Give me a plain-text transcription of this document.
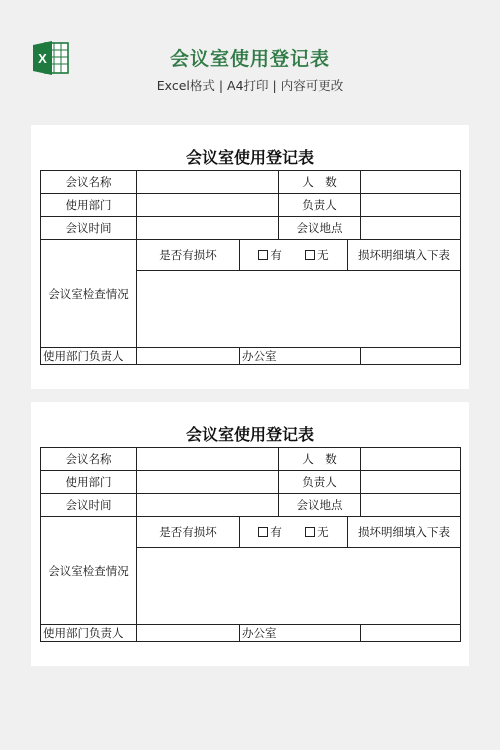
X	会议室使用登记表
Excel格式 | A4打印 | 内容可更改
会议室使用登记表
会议名称			人　数		
使用部门			负责人		
会议时间			会议地点		
会议室检查情况	是否有损坏	有 无		损坏明细填入下表	

使用部门负责人		办公室			
会议室使用登记表
会议名称			人　数		
使用部门			负责人		
会议时间			会议地点		
会议室检查情况	是否有损坏	有 无		损坏明细填入下表	

使用部门负责人		办公室			
